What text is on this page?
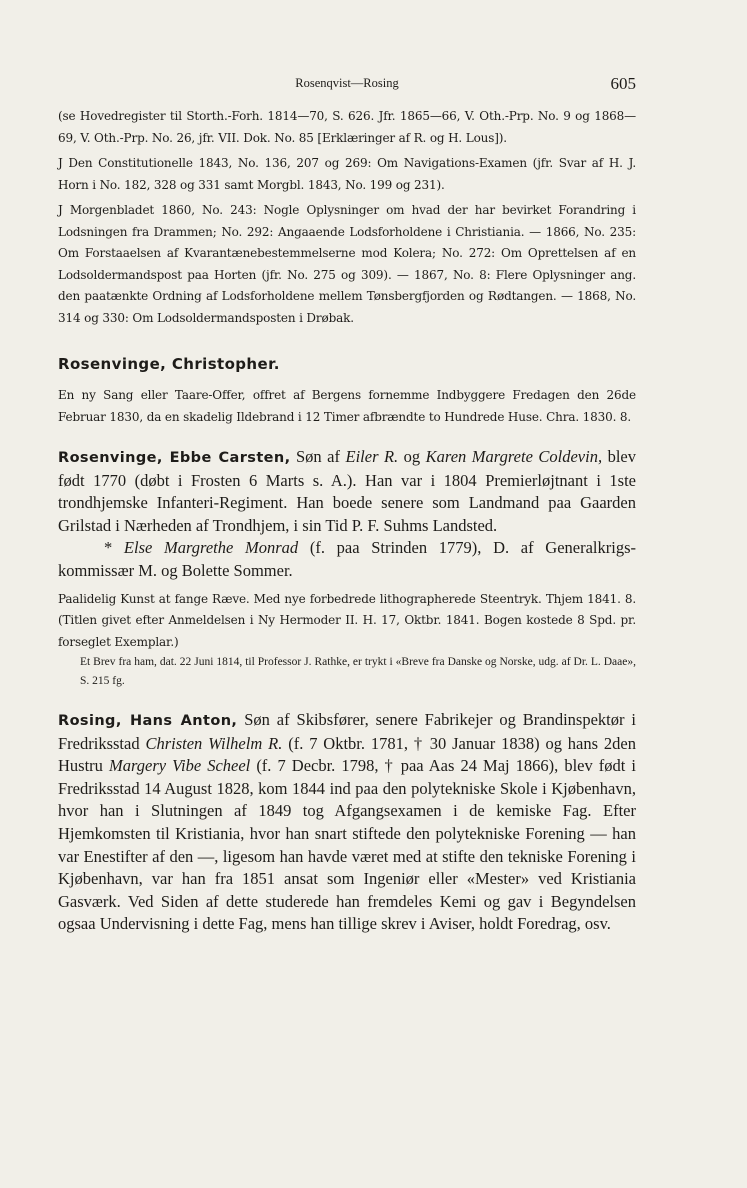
Rosenqvist—Rosing	605

(se Hovedregister til Storth.-Forh. 1814—70, S. 626. Jfr. 1865—66, V. Oth.-Prp. No. 9 og 1868—69, V. Oth.-Prp. No. 26, jfr. VII. Dok. No. 85 [Erklæringer af R. og H. Lous]).

J Den Constitutionelle 1843, No. 136, 207 og 269: Om Navigations-Examen (jfr. Svar af H. J. Horn i No. 182, 328 og 331 samt Morgbl. 1843, No. 199 og 231).

J Morgenbladet 1860, No. 243: Nogle Oplysninger om hvad der har bevirket Forandring i Lodsningen fra Drammen; No. 292: Angaaende Lodsforholdene i Christiania. — 1866, No. 235: Om Forstaaelsen af Kvarantænebestemmelserne mod Kolera; No. 272: Om Oprettelsen af en Lodsoldermandspost paa Horten (jfr. No. 275 og 309). — 1867, No. 8: Flere Oplysninger ang. den paatænkte Ordning af Lodsforholdene mellem Tønsbergfjorden og Rødtangen. — 1868, No. 314 og 330: Om Lodsoldermandsposten i Drøbak.

Rosenvinge, Christopher.

En ny Sang eller Taare-Offer, offret af Bergens fornemme Indbyggere Fredagen den 26de Februar 1830, da en skadelig Ildebrand i 12 Timer afbrændte to Hundrede Huse. Chra. 1830. 8.

Rosenvinge, Ebbe Carsten, Søn af Eiler R. og Karen Margrete Coldevin, blev født 1770 (døbt i Frosten 6 Marts s. A.). Han var i 1804 Premierløjtnant i 1ste trondhjemske Infanteri-Regiment. Han boede senere som Landmand paa Gaarden Grilstad i Nærheden af Trondhjem, i sin Tid P. F. Suhms Landsted.
* Else Margrethe Monrad (f. paa Strinden 1779), D. af Generalkrigs-kommissær M. og Bolette Sommer.

Paalidelig Kunst at fange Ræve. Med nye forbedrede lithographerede Steentryk. Thjem 1841. 8. (Titlen givet efter Anmeldelsen i Ny Hermoder II. H. 17, Oktbr. 1841. Bogen kostede 8 Spd. pr. forseglet Exemplar.)

Et Brev fra ham, dat. 22 Juni 1814, til Professor J. Rathke, er trykt i «Breve fra Danske og Norske, udg. af Dr. L. Daae», S. 215 fg.

Rosing, Hans Anton, Søn af Skibsfører, senere Fabrikejer og Brandinspektør i Fredriksstad Christen Wilhelm R. (f. 7 Oktbr. 1781, † 30 Januar 1838) og hans 2den Hustru Margery Vibe Scheel (f. 7 Decbr. 1798, † paa Aas 24 Maj 1866), blev født i Fredriksstad 14 August 1828, kom 1844 ind paa den polytekniske Skole i Kjøbenhavn, hvor han i Slutningen af 1849 tog Afgangsexamen i de kemiske Fag. Efter Hjemkomsten til Kristiania, hvor han snart stiftede den polytekniske Forening — han var Enestifter af den —, ligesom han havde været med at stifte den tekniske Forening i Kjøbenhavn, var han fra 1851 ansat som Ingeniør eller «Mester» ved Kristiania Gasværk. Ved Siden af dette studerede han fremdeles Kemi og gav i Begyndelsen ogsaa Undervisning i dette Fag, mens han tillige skrev i Aviser, holdt Foredrag, osv.
